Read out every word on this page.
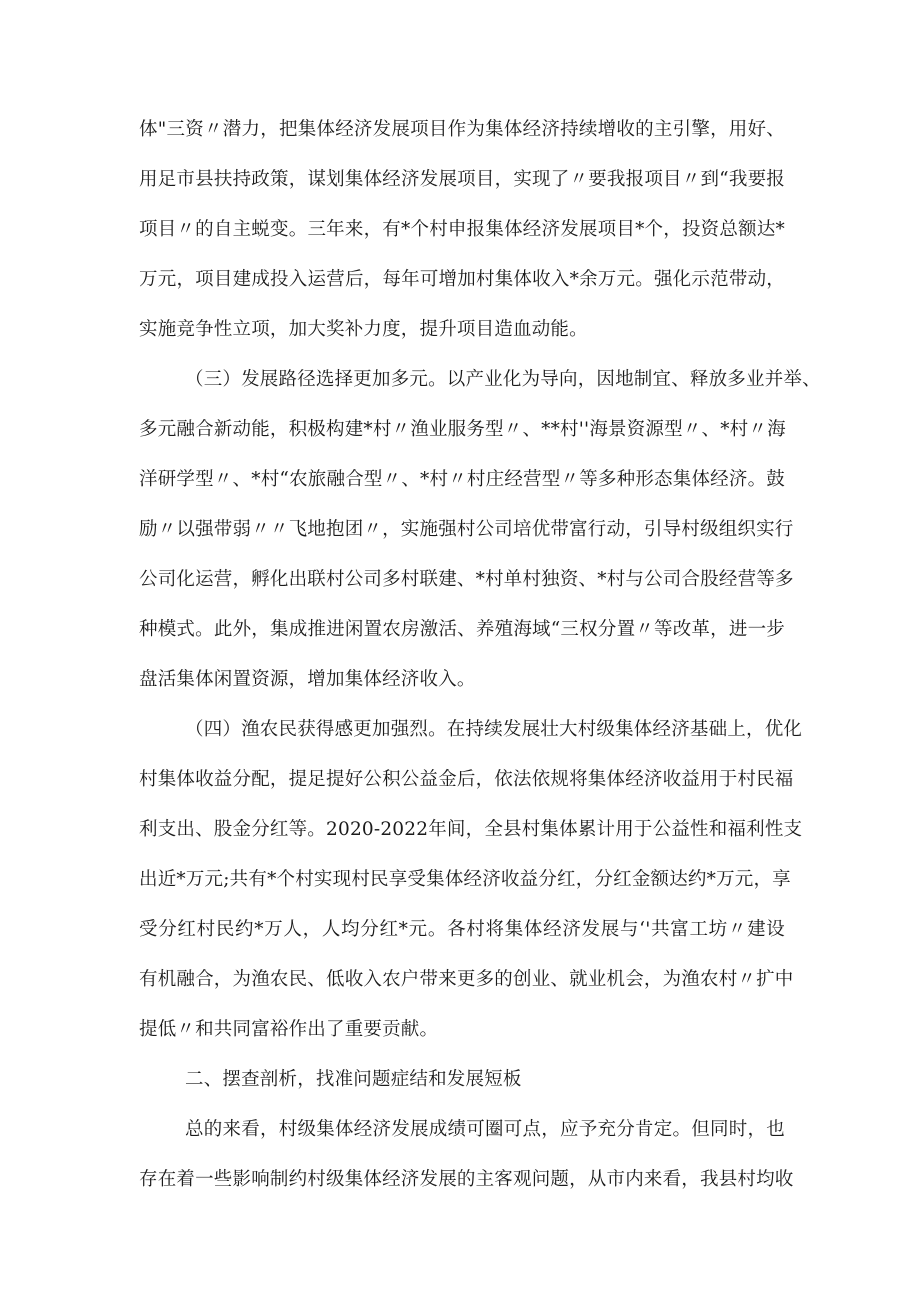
体"三资〃潜力，把集体经济发展项目作为集体经济持续增收的主引擎，用好、
用足市县扶持政策，谋划集体经济发展项目，实现了〃要我报项目〃到“我要报
项目〃的自主蜕变。三年来，有*个村申报集体经济发展项目*个，投资总额达*
万元，项目建成投入运营后，每年可增加村集体收入*余万元。强化示范带动，
实施竞争性立项，加大奖补力度，提升项目造血动能。
（三）发展路径选择更加多元。以产业化为导向，因地制宜、释放多业并举、
多元融合新动能，积极构建*村〃渔业服务型〃、**村''海景资源型〃、*村〃海
洋研学型〃、*村“农旅融合型〃、*村〃村庄经营型〃等多种形态集体经济。鼓
励〃以强带弱〃〃飞地抱团〃，实施强村公司培优带富行动，引导村级组织实行
公司化运营，孵化出联村公司多村联建、*村单村独资、*村与公司合股经营等多
种模式。此外，集成推进闲置农房激活、养殖海域“三权分置〃等改革，进一步
盘活集体闲置资源，增加集体经济收入。
（四）渔农民获得感更加强烈。在持续发展壮大村级集体经济基础上，优化
村集体收益分配，提足提好公积公益金后，依法依规将集体经济收益用于村民福
利支出、股金分红等。2020-2022年间，全县村集体累计用于公益性和福利性支
出近*万元;共有*个村实现村民享受集体经济收益分红，分红金额达约*万元，享
受分红村民约*万人，人均分红*元。各村将集体经济发展与‘'共富工坊〃建设
有机融合，为渔农民、低收入农户带来更多的创业、就业机会，为渔农村〃扩中
提低〃和共同富裕作出了重要贡献。
二、摆查剖析，找准问题症结和发展短板
总的来看，村级集体经济发展成绩可圈可点，应予充分肯定。但同时，也
存在着一些影响制约村级集体经济发展的主客观问题，从市内来看，我县村均收
